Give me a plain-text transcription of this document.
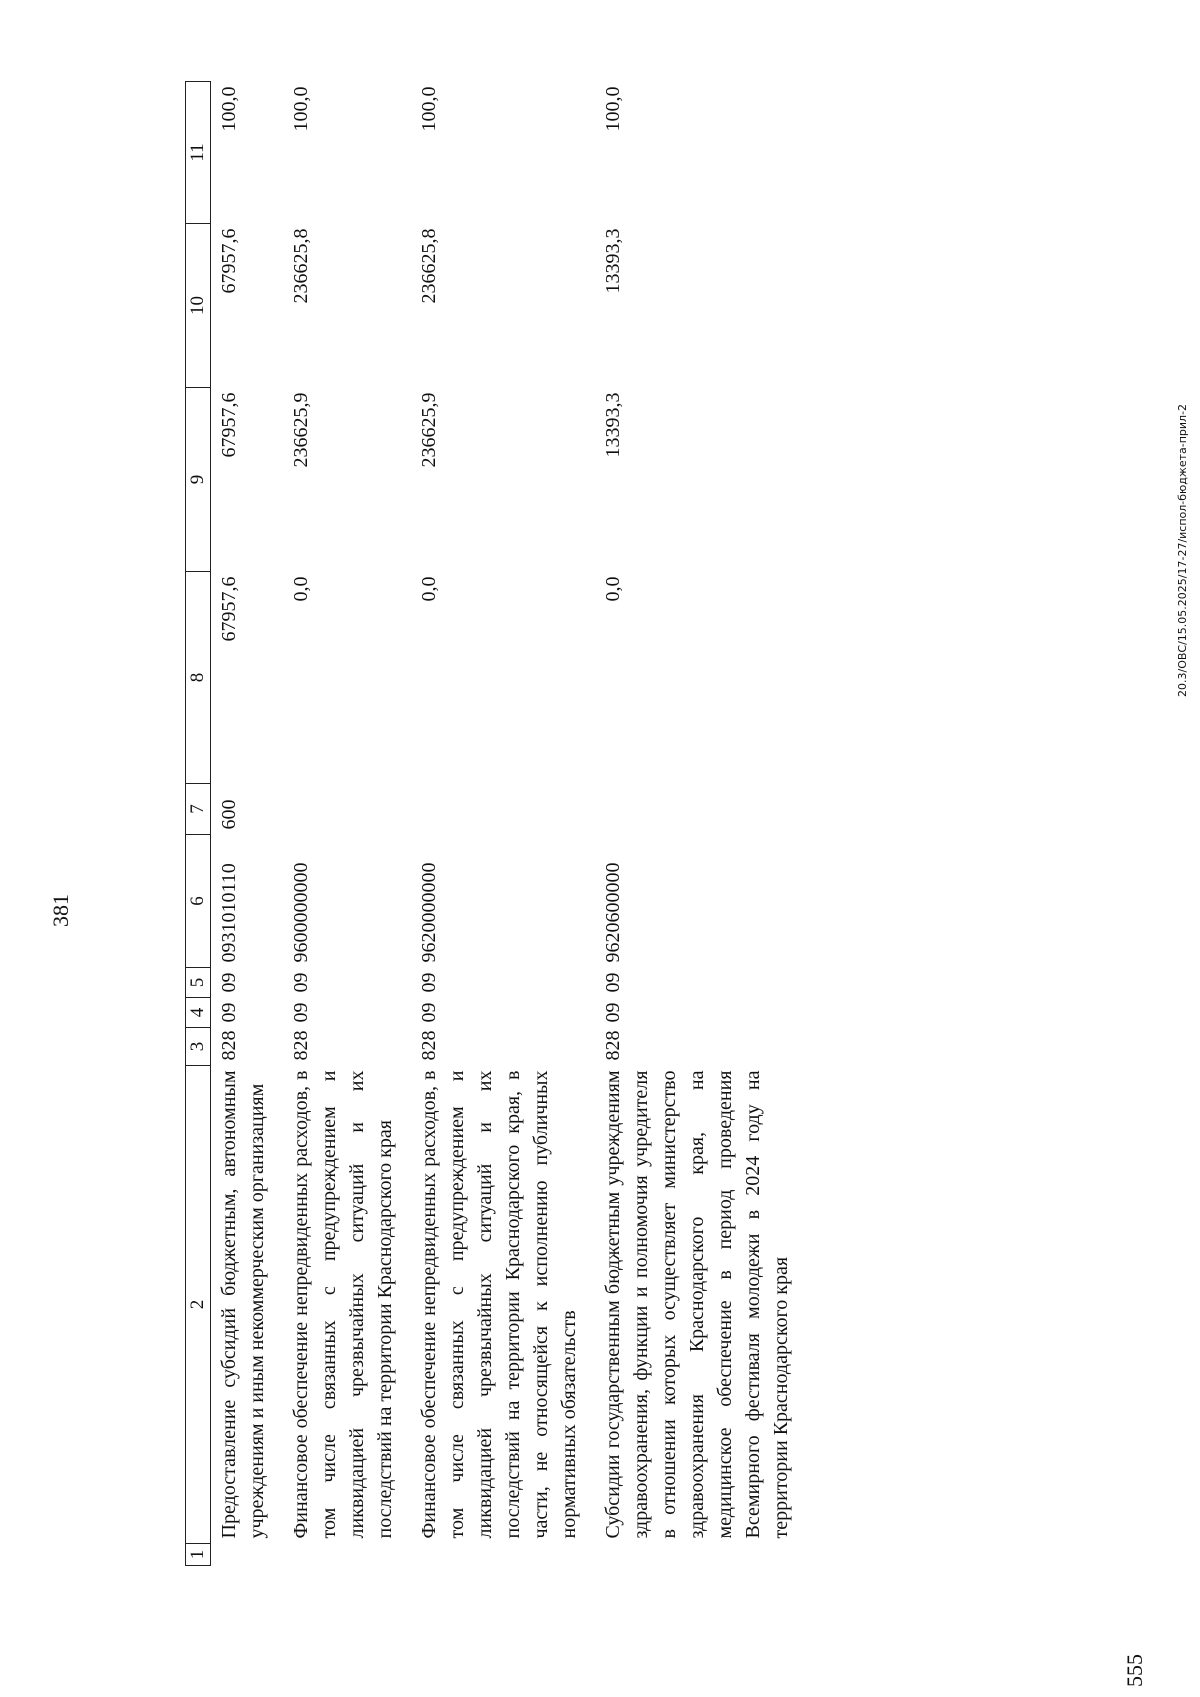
381
1	2	3	4	5	6	7	8	9	10	11
	Предоставление субсидий бюджетным, автономным учреждениям и иным некоммерческим организациям	828	09	09	0931010110	600	67957,6	67957,6	67957,6	100,0
	Финансовое обеспечение непредвиденных расходов, в том числе связанных с предупреждением и ликвидацией чрезвычайных ситуаций и их последствий на территории Краснодарского края	828	09	09	9600000000		0,0	236625,9	236625,8	100,0
	Финансовое обеспечение непредвиденных расходов, в том числе связанных с предупреждением и ликвидацией чрезвычайных ситуаций и их последствий на территории Краснодарского края, в части, не относящейся к исполнению публичных нормативных обязательств	828	09	09	9620000000		0,0	236625,9	236625,8	100,0
	Субсидии государственным бюджетным учреждениям здравоохранения, функции и полномочия учредителя в отношении которых осуществляет министерство здравоохранения Краснодарского края, на медицинское обеспечение в период проведения Всемирного фестиваля молодежи в 2024 году на территории Краснодарского края	828	09	09	9620600000		0,0	13393,3	13393,3	100,0
20.3/ОВС/15.05.2025/17-27/испол-бюджета-прил-2
555
